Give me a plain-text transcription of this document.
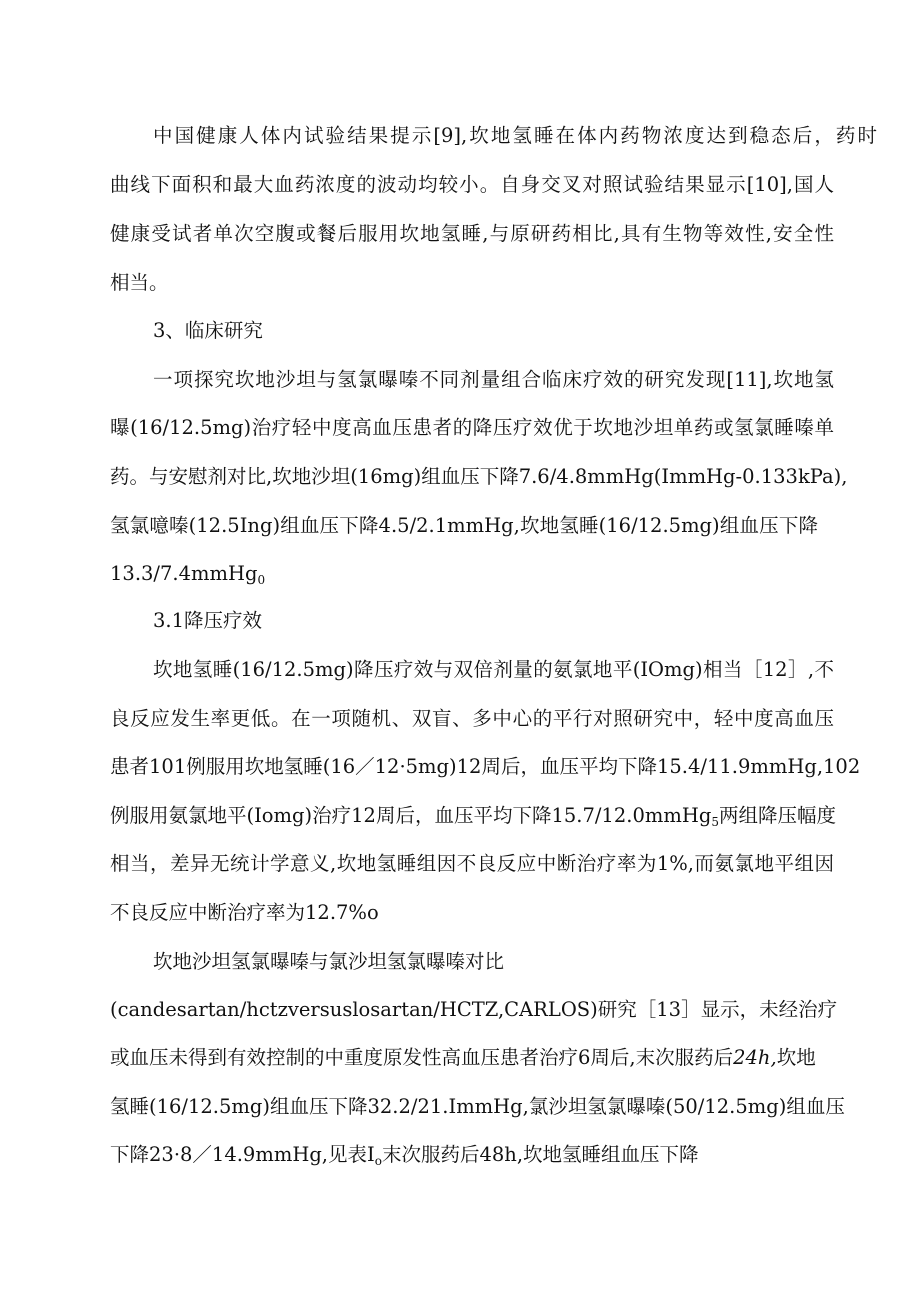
中国健康人体内试验结果提示[9],坎地氢睡在体内药物浓度达到稳态后，药时

曲线下面积和最大血药浓度的波动均较小。自身交叉对照试验结果显示[10],国人

健康受试者单次空腹或餐后服用坎地氢睡,与原研药相比,具有生物等效性,安全性

相当。

3、临床研究

一项探究坎地沙坦与氢氯曝嗪不同剂量组合临床疗效的研究发现[11],坎地氢

曝(16/12.5mg)治疗轻中度高血压患者的降压疗效优于坎地沙坦单药或氢氯睡嗪单

药。与安慰剂对比,坎地沙坦(16mg)组血压下降7.6/4.8mmHg(ImmHg-0.133kPa),

氢氯噫嗪(12.5Ing)组血压下降4.5/2.1mmHg,坎地氢睡(16/12.5mg)组血压下降

13.3/7.4mmHg$_0$

3.1降压疗效

坎地氢睡(16/12.5mg)降压疗效与双倍剂量的氨氯地平(IOmg)相当［12］,不

良反应发生率更低。在一项随机、双盲、多中心的平行对照研究中，轻中度高血压

患者101例服用坎地氢睡(16／12·5mg)12周后，血压平均下降15.4/11.9mmHg,102

例服用氨氯地平(Iomg)治疗12周后，血压平均下降15.7/12.0mmHg$_5$两组降压幅度

相当，差异无统计学意义,坎地氢睡组因不良反应中断治疗率为1%,而氨氯地平组因

不良反应中断治疗率为12.7%o

坎地沙坦氢氯曝嗪与氯沙坦氢氯曝嗪对比

(candesartan/hctzversuslosartan/HCTZ,CARLOS)研究［13］显示，未经治疗

或血压未得到有效控制的中重度原发性高血压患者治疗6周后,末次服药后24h,坎地

氢睡(16/12.5mg)组血压下降32.2/21.ImmHg,氯沙坦氢氯曝嗪(50/12.5mg)组血压

下降23·8／14.9mmHg,见表$I_o$末次服药后48h,坎地氢睡组血压下降
